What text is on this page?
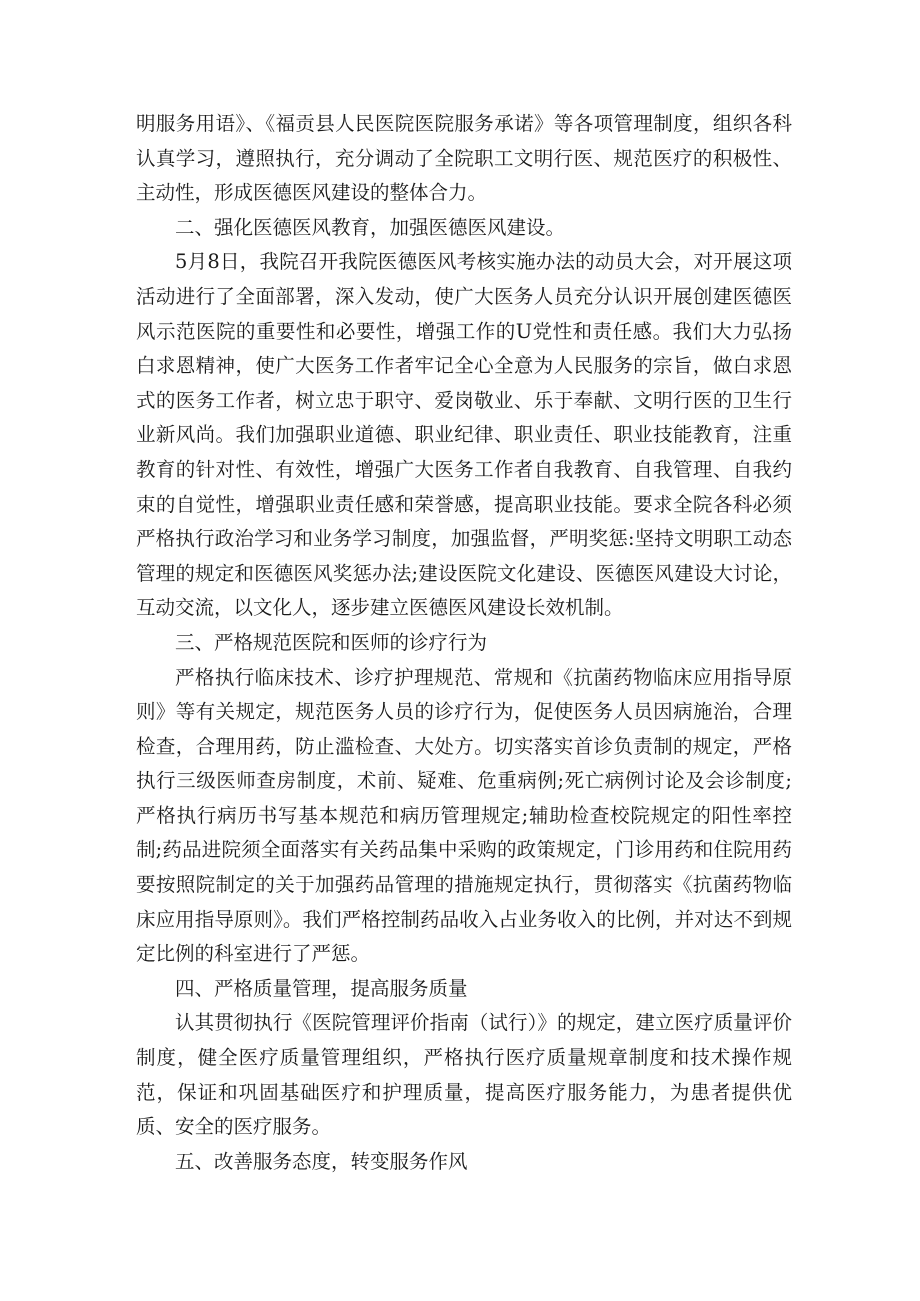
明服务用语》、《福贡县人民医院医院服务承诺》等各项管理制度，组织各科认真学习，遵照执行，充分调动了全院职工文明行医、规范医疗的积极性、主动性，形成医德医风建设的整体合力。

二、强化医德医风教育，加强医德医风建设。

5月8日，我院召开我院医德医风考核实施办法的动员大会，对开展这项活动进行了全面部署，深入发动，使广大医务人员充分认识开展创建医德医风示范医院的重要性和必要性，增强工作的U党性和责任感。我们大力弘扬白求恩精神，使广大医务工作者牢记全心全意为人民服务的宗旨，做白求恩式的医务工作者，树立忠于职守、爱岗敬业、乐于奉献、文明行医的卫生行业新风尚。我们加强职业道德、职业纪律、职业责任、职业技能教育，注重教育的针对性、有效性，增强广大医务工作者自我教育、自我管理、自我约束的自觉性，增强职业责任感和荣誉感，提高职业技能。要求全院各科必须严格执行政治学习和业务学习制度，加强监督，严明奖惩:坚持文明职工动态管理的规定和医德医风奖惩办法;建设医院文化建设、医德医风建设大讨论，互动交流，以文化人，逐步建立医德医风建设长效机制。

三、严格规范医院和医师的诊疗行为

严格执行临床技术、诊疗护理规范、常规和《抗菌药物临床应用指导原则》等有关规定，规范医务人员的诊疗行为，促使医务人员因病施治，合理检查，合理用药，防止滥检查、大处方。切实落实首诊负责制的规定，严格执行三级医师查房制度，术前、疑难、危重病例;死亡病例讨论及会诊制度;严格执行病历书写基本规范和病历管理规定;辅助检查校院规定的阳性率控制;药品进院须全面落实有关药品集中采购的政策规定，门诊用药和住院用药要按照院制定的关于加强药品管理的措施规定执行，贯彻落实《抗菌药物临床应用指导原则》。我们严格控制药品收入占业务收入的比例，并对达不到规定比例的科室进行了严惩。

四、严格质量管理，提高服务质量

认其贯彻执行《医院管理评价指南（试行）》的规定，建立医疗质量评价制度，健全医疗质量管理组织，严格执行医疗质量规章制度和技术操作规范，保证和巩固基础医疗和护理质量，提高医疗服务能力，为患者提供优质、安全的医疗服务。

五、改善服务态度，转变服务作风
